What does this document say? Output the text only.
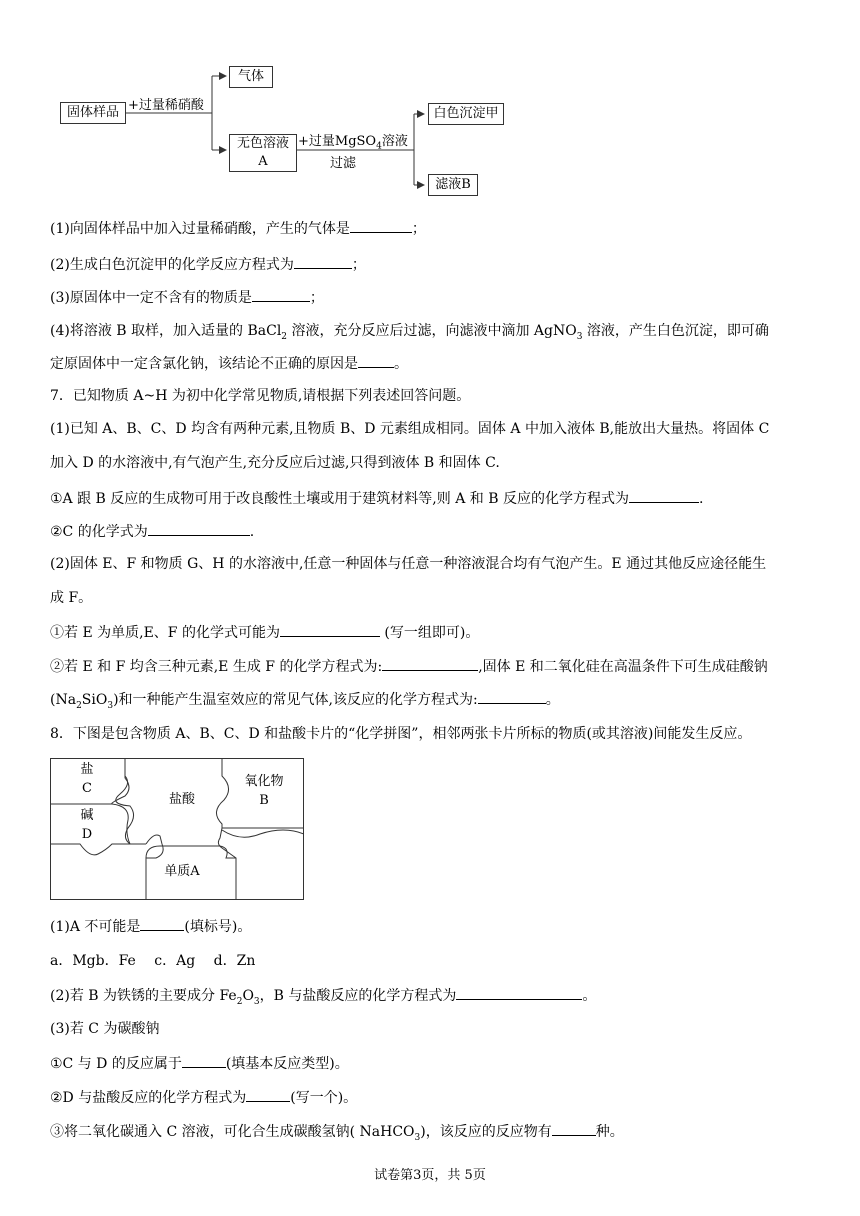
固体样品 +过量稀硝酸
气体
无色溶液
A
+过量MgSO$_4$溶液
过滤
白色沉淀甲
滤液B
(1)向固体样品中加入过量稀硝酸，产生的气体是	；
(2)生成白色沉淀甲的化学反应方程式为	；
(3)原固体中一定不含有的物质是	；
(4)将溶液 B 取样，加入适量的 BaCl$_2$ 溶液，充分反应后过滤，向滤液中滴加 AgNO$_3$ 溶液，产生白色沉淀，即可确
定原固体中一定含氯化钠，该结论不正确的原因是	。
7．已知物质 A~H 为初中化学常见物质,请根据下列表述回答问题。
(1)已知 A、B、C、D 均含有两种元素,且物质 B、D 元素组成相同。固体 A 中加入液体 B,能放出大量热。将固体 C
加入 D 的水溶液中,有气泡产生,充分反应后过滤,只得到液体 B 和固体 C.
①A 跟 B 反应的生成物可用于改良酸性土壤或用于建筑材料等,则 A 和 B 反应的化学方程式为	.
②C 的化学式为	.
(2)固体 E、F 和物质 G、H 的水溶液中,任意一种固体与任意一种溶液混合均有气泡产生。E 通过其他反应途径能生
成 F。
①若 E 为单质,E、F 的化学式可能为	(写一组即可)。
②若 E 和 F 均含三种元素,E 生成 F 的化学方程式为:	,固体 E 和二氧化硅在高温条件下可生成硅酸钠
$(Na_2SiO_3)$和一种能产生温室效应的常见气体,该反应的化学方程式为:	。
8．下图是包含物质 A、B、C、D 和盐酸卡片的“化学拼图”，相邻两张卡片所标的物质(或其溶液)间能发生反应。
盐
C
碱
D
盐酸
氧化物
B
单质A
(1)A 不可能是	(填标号)。
a．Mgb．Fe　 c．Ag　 d．Zn
(2)若 B 为铁锈的主要成分 $Fe_2O_3$，B 与盐酸反应的化学方程式为	。
(3)若 C 为碳酸钠
①C 与 D 的反应属于	(填基本反应类型)。
②D 与盐酸反应的化学方程式为	(写一个)。
③将二氧化碳通入 C 溶液，可化合生成碳酸氢钠( NaHCO$_3$)，该反应的反应物有	种。
试卷第3页，共 5页
